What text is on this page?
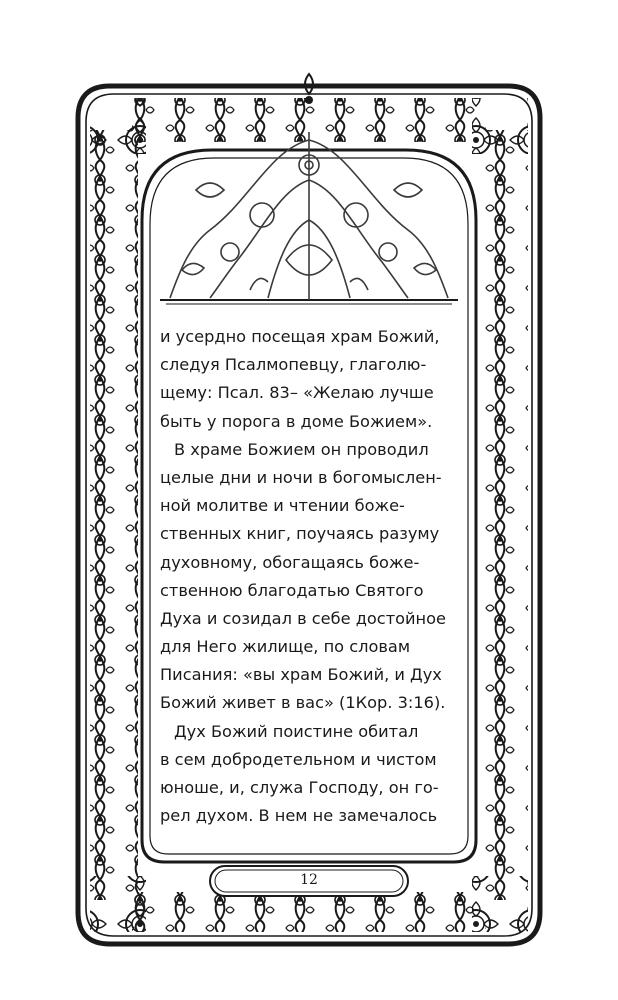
и усердно посещая храм Божий,
следуя Псалмопевцу, глаголю-
щему: Псал. 83– «Желаю лучше
быть у порога в доме Божием».
В храме Божием он проводил
целые дни и ночи в богомыслен-
ной молитве и чтении боже-
ственных книг, поучаясь разуму
духовному, обогащаясь боже-
ственною благодатью Святого
Духа и созидал в себе достойное
для Него жилище, по словам
Писания: «вы храм Божий, и Дух
Божий живет в вас» (1Кор. 3:16).
Дух Божий поистине обитал
в сем добродетельном и чистом
юноше, и, служа Господу, он го-
рел духом. В нем не замечалось
12
